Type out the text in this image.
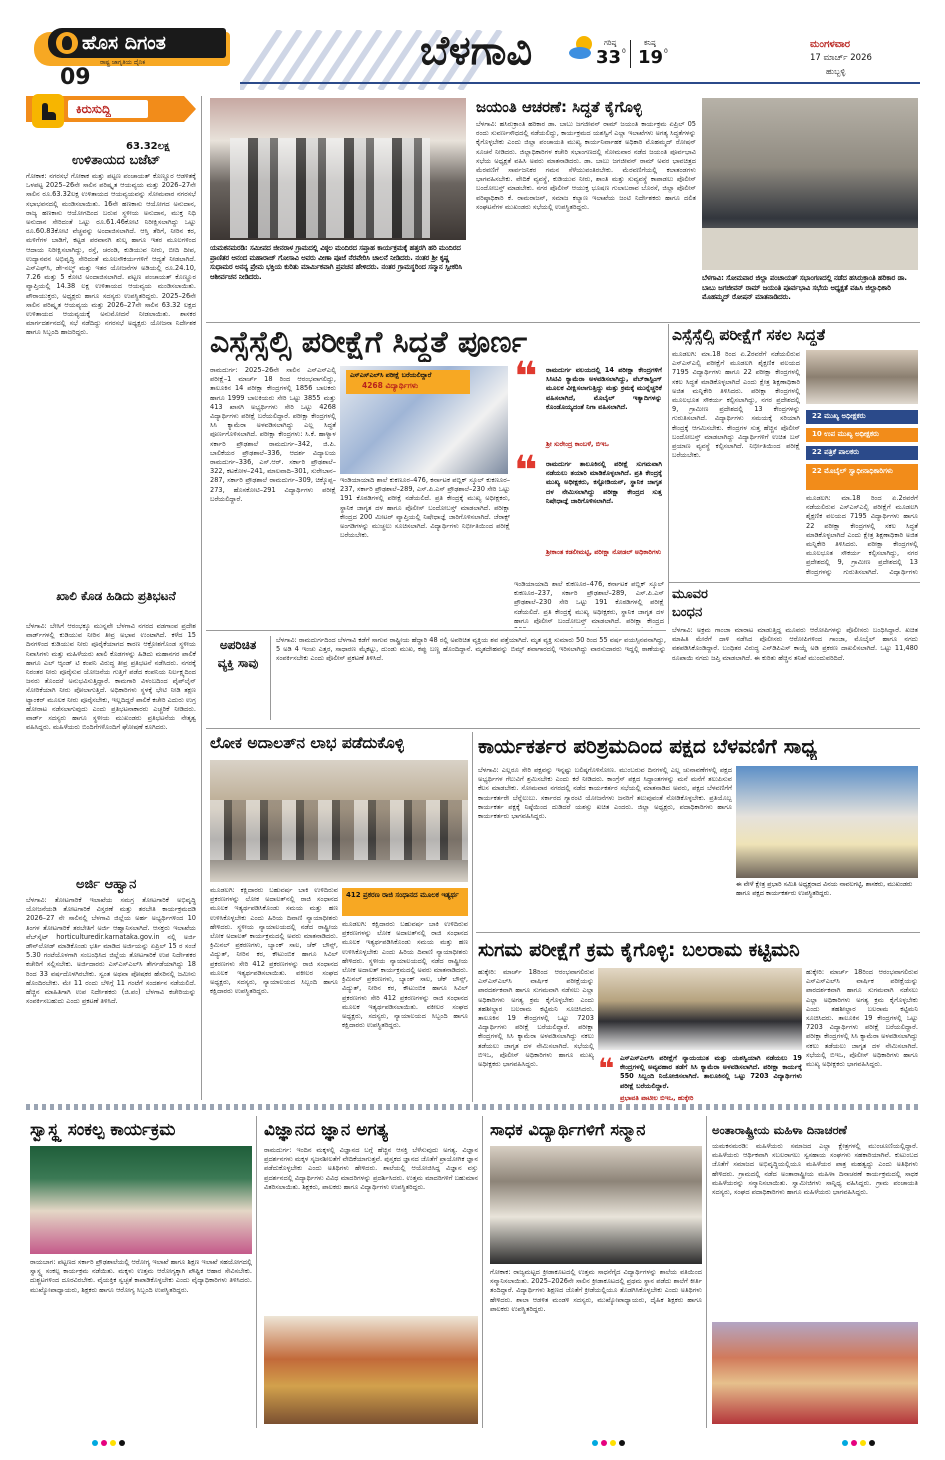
ಹೊಸ ದಿಗಂತ
ರಾಷ್ಟ್ರ ಜಾಗೃತಿಯ ದೈನಿಕ
09
ಬೆಳಗಾವಿ	ಗರಿಷ್ಠ
33 0
ಕನಿಷ್ಠ
19 0
ಮಂಗಳವಾರ
17 ಮಾರ್ಚ್ 2026
ಹುಬ್ಬಳ್ಳಿ
ಕಿರುಸುದ್ದಿ
63.32ಲಕ್ಷ
ಉಳಿತಾಯದ ಬಜೆಟ್
ಗೋಕಾಕ: ನಗರಸಭೆ ಗೋಕಾಕ ಮತ್ತು ಪಟ್ಟಣ ಪಂಚಾಯತ್ ಕೊಣ್ಣೂರ ಆಡಳಿತಕ್ಕೆ ಒಳಪಟ್ಟ 2025–26ನೇ ಸಾಲಿನ ಪರಿಷ್ಕೃತ ಆಯವ್ಯಯ ಮತ್ತು 2026–27ನೇ ಸಾಲಿನ ರೂ.63.32ಲಕ್ಷ ಉಳಿತಾಯದ ಆಯವ್ಯಯವನ್ನು ಸೋಮವಾರ ನಗರಸಭೆ ಸಭಾಭವನದಲ್ಲಿ ಮಂಡಿಸಲಾಯಿತು. 16ನೇ ಹಣಕಾಸು ಆಯೋಗದ ಅನುದಾನ, ರಾಜ್ಯ ಹಣಕಾಸು ಆಯೋಗದಿಂದ ಬರುವ ಸ್ಥಳೀಯ ಅನುದಾನ, ಮುಕ್ತ ನಿಧಿ ಅನುದಾನ ಸೇರಿದಂತೆ ಒಟ್ಟು ರೂ.61.46ಕೋಟಿ ನಿರೀಕ್ಷಿಸಲಾಗಿದ್ದು ಒಟ್ಟು ರೂ.60.83ಕೋಟಿ ವೆಚ್ಚವನ್ನು ಅಂದಾಜಿಸಲಾಗಿದೆ. ಆಸ್ತಿ ತೆರಿಗೆ, ನೀರಿನ ಕರ, ಮಳಿಗೆಗಳ ಬಾಡಿಗೆ, ಕಟ್ಟಡ ಪರವಾನಗಿ ಶುಲ್ಕ ಹಾಗೂ ಇತರ ಮೂಲಗಳಿಂದ ಆದಾಯ ನಿರೀಕ್ಷಿಸಲಾಗಿದ್ದು, ರಸ್ತೆ, ಚರಂಡಿ, ಕುಡಿಯುವ ನೀರು, ಬೀದಿ ದೀಪ, ಉದ್ಯಾನವನ ಅಭಿವೃದ್ಧಿ ಸೇರಿದಂತೆ ಮೂಲಸೌಕರ್ಯಗಳಿಗೆ ಆದ್ಯತೆ ನೀಡಲಾಗಿದೆ. ಎಸ್‌ಎಫ್‌ಸಿ, ಡೇ-ನಲ್ಮ್ ಮತ್ತು ಇತರ ಯೋಜನೆಗಳ ಅಡಿಯಲ್ಲಿ ರೂ.24.10, 7.26 ಮತ್ತು 5 ಕೋಟಿ ಅಂದಾಜಿಸಲಾಗಿದೆ. ಪಟ್ಟಣ ಪಂಚಾಯತ್ ಕೊಣ್ಣೂರ ವ್ಯಾಪ್ತಿಯಲ್ಲಿ 14.38 ಲಕ್ಷ ಉಳಿತಾಯದ ಆಯವ್ಯಯ ಮಂಡಿಸಲಾಯಿತು. ಪೌರಾಯುಕ್ತರು, ಅಧ್ಯಕ್ಷರು ಹಾಗೂ ಸದಸ್ಯರು ಉಪಸ್ಥಿತರಿದ್ದರು. 2025–26ನೇ ಸಾಲಿನ ಪರಿಷ್ಕೃತ ಆಯವ್ಯಯ ಮತ್ತು 2026–27ನೇ ಸಾಲಿನ 63.32 ಲಕ್ಷದ ಉಳಿತಾಯದ ಆಯವ್ಯಯಕ್ಕೆ ಅನುಮೋದನೆ ನೀಡಲಾಯಿತು. ಶಾಸಕರ ಮಾರ್ಗದರ್ಶನದಲ್ಲಿ ಸಭೆ ನಡೆದಿದ್ದು ನಗರಸಭೆ ಅಧ್ಯಕ್ಷರು ಯೋಜನಾ ನಿರ್ದೇಶಕ ಹಾಗೂ ಸಿಬ್ಬಂದಿ ಹಾಜರಿದ್ದರು.
ಖಾಲಿ ಕೊಡ ಹಿಡಿದು ಪ್ರತಿಭಟನೆ
ಬೆಳಗಾವಿ: ಬೇಸಿಗೆ ಆರಂಭಕ್ಕೂ ಮುನ್ನವೇ ಬೆಳಗಾವಿ ನಗರದ ವಡಗಾಂವ ಪ್ರದೇಶ ವಾರ್ಡ್‌ಗಳಲ್ಲಿ ಕುಡಿಯುವ ನೀರಿನ ತೀವ್ರ ಅಭಾವ ಉಂಟಾಗಿದೆ. ಕಳೆದ 15 ದಿನಗಳಿಂದ ಕುಡಿಯುವ ನೀರು ಪೂರೈಕೆಯಾಗದ ಕಾರಣ ಆಕ್ರೋಶಗೊಂಡ ಸ್ಥಳೀಯ ನಿವಾಸಿಗಳು ಮತ್ತು ಮಹಿಳೆಯರು ಖಾಲಿ ಕೊಡಗಳನ್ನು ಹಿಡಿದು ಮಹಾನಗರ ಪಾಲಿಕೆ ಹಾಗೂ ಎಲ್ ಆ್ಯಂಡ್ ಟಿ ಕಂಪನಿ ವಿರುದ್ಧ ತೀವ್ರ ಪ್ರತಿಭಟನೆ ನಡೆಸಿದರು. ನಗರಕ್ಕೆ ನಿರಂತರ ನೀರು ಪೂರೈಸುವ ಯೋಜನೆಯ ಗುತ್ತಿಗೆ ಪಡೆದ ಕಂಪನಿಯ ನಿರ್ಲಕ್ಷ್ಯದಿಂದ ಜನರು ತೊಂದರೆ ಅನುಭವಿಸುತ್ತಿದ್ದಾರೆ. ಕಾಮಗಾರಿ ವಿಳಂಬದಿಂದ ಪೈಪ್‌ಲೈನ್ ಸೋರಿಕೆಯಾಗಿ ನೀರು ಪೋಲಾಗುತ್ತಿದೆ. ಅಧಿಕಾರಿಗಳು ಸ್ಥಳಕ್ಕೆ ಭೇಟಿ ನೀಡಿ ತಕ್ಷಣ ಟ್ಯಾಂಕರ್ ಮೂಲಕ ನೀರು ಪೂರೈಸಬೇಕು, ಇಲ್ಲದಿದ್ದರೆ ಪಾಲಿಕೆ ಕಚೇರಿ ಎದುರು ಉಗ್ರ ಹೋರಾಟ ನಡೆಸಲಾಗುವುದು ಎಂದು ಪ್ರತಿಭಟನಾಕಾರರು ಎಚ್ಚರಿಕೆ ನೀಡಿದರು. ವಾರ್ಡ್ ಸದಸ್ಯರು ಹಾಗೂ ಸ್ಥಳೀಯ ಮುಖಂಡರು ಪ್ರತಿಭಟನೆಯ ನೇತೃತ್ವ ವಹಿಸಿದ್ದರು. ಮಹಿಳೆಯರು ಬಿಂದಿಗೆಗಳೊಂದಿಗೆ ಘೋಷಣೆ ಕೂಗಿದರು.
ಅರ್ಜಿ ಆಹ್ವಾನ
ಬೆಳಗಾವಿ: ತೋಟಗಾರಿಕೆ ಇಲಾಖೆಯ ಸಮಗ್ರ ತೋಟಗಾರಿಕೆ ಅಭಿವೃದ್ಧಿ ಯೋಜನೆಯಡಿ ತೋಟಗಾರಿಕೆ ವಿಸ್ತರಣೆ ಮತ್ತು ತರಬೇತಿ ಕಾರ್ಯಕ್ರಮದಡಿ 2026–27 ನೇ ಸಾಲಿನಲ್ಲಿ ಬೆಳಗಾವಿ ಜಿಲ್ಲೆಯ ಅರ್ಹ ಅಭ್ಯರ್ಥಿಗಳಿಂದ 10 ತಿಂಗಳ ತೋಟಗಾರಿಕೆ ತರಬೇತಿಗೆ ಅರ್ಜಿ ಆಹ್ವಾನಿಸಲಾಗಿದೆ. ಆಸಕ್ತರು ಇಲಾಖೆಯ ವೆಬ್‌ಸೈಟ್ horticulturedir.karnataka.gov.in ನಲ್ಲಿ ಅರ್ಜಿ ಡೌನ್‌ಲೋಡ್ ಮಾಡಿಕೊಂಡು ಭರ್ತಿ ಮಾಡಿದ ಅರ್ಜಿಯನ್ನು ಏಪ್ರಿಲ್ 15 ರ ಸಂಜೆ 5.30 ಗಂಟೆಯೊಳಗಾಗಿ ಸಂಬಂಧಿಸಿದ ಜಿಲ್ಲೆಯ ತೋಟಗಾರಿಕೆ ಉಪ ನಿರ್ದೇಶಕರ ಕಚೇರಿಗೆ ಸಲ್ಲಿಸಬೇಕು. ಅರ್ಜಿದಾರರು ಎಸ್ಎಸ್ಎಲ್‌ಸಿ ತೇರ್ಗಡೆಯಾಗಿದ್ದು 18 ರಿಂದ 33 ವರ್ಷದೊಳಗಿರಬೇಕು. ಸ್ವಂತ ಅಥವಾ ಪೋಷಕರ ಹೆಸರಿನಲ್ಲಿ ಜಮೀನು ಹೊಂದಿರಬೇಕು. ಮೇ 11 ರಂದು ಬೆಳಿಗ್ಗೆ 11 ಗಂಟೆಗೆ ಸಂದರ್ಶನ ನಡೆಯಲಿದೆ. ಹೆಚ್ಚಿನ ಮಾಹಿತಿಗಾಗಿ ಉಪ ನಿರ್ದೇಶಕರು (ಜಿ.ಪಂ) ಬೆಳಗಾವಿ ಕಚೇರಿಯನ್ನು ಸಂಪರ್ಕಿಸಬಹುದು ಎಂದು ಪ್ರಕಟಣೆ ತಿಳಿಸಿದೆ.
ಯಮಕನಮರಡಿ: ಸಮೀಪದ ಜೀನರಾಳ ಗ್ರಾಮದಲ್ಲಿ ವಿಠ್ಠಲ ಮಂದಿರದ ಸಪ್ತಾಹ ಕಾರ್ಯಕ್ರಮಕ್ಕೆ ಹತ್ತರಗಿ ಹರಿ ಮಂದಿರದ ಪ್ರಾಣಿತರ ಆನಂದ ಮಹಾರಾಜ್ ಗೋಸಾವಿ ಅವರು ವೀಣಾ ಪೂಜೆ ನೆರವೇರಿಸಿ ಚಾಲನೆ ನೀಡಿದರು. ನಂತರ ಶ್ರೀ ಕೃಷ್ಣ ಸುಧಾಮರ ಅನನ್ಯ ಪ್ರೇಮ ಭಕ್ತಿಯ ಕುರಿತು ಮಾರ್ಮಿಕವಾಗಿ ಪ್ರವಚನ ಹೇಳಿದರು. ನಂತರ ಗ್ರಾಮಸ್ಥರಿಂದ ಸನ್ಮಾನ ಸ್ವೀಕರಿಸಿ ಆಶೀರ್ವಚನ ನೀಡಿದರು.
ಜಯಂತಿ ಆಚರಣೆ: ಸಿದ್ಧತೆ ಕೈಗೊಳ್ಳಿ
ಬೆಳಗಾವಿ: ಹಸಿರುಕ್ರಾಂತಿ ಹರಿಕಾರ ಡಾ. ಬಾಬು ಜಗಜೀವನ್ ರಾಮ್ ಜಯಂತಿ ಕಾರ್ಯಕ್ರಮ ಏಪ್ರಿಲ್ 05 ರಂದು ಸುವರ್ಣಸೌಧದಲ್ಲಿ ನಡೆಯಲಿದ್ದು, ಕಾರ್ಯಕ್ರಮದ ಯಶಸ್ವಿಗೆ ಎಲ್ಲಾ ಇಲಾಖೆಗಳು ಅಗತ್ಯ ಸಿದ್ಧತೆಗಳನ್ನು ಕೈಗೊಳ್ಳಬೇಕು ಎಂದು ಜಿಲ್ಲಾ ಪಂಚಾಯತಿ ಮುಖ್ಯ ಕಾರ್ಯನಿರ್ವಾಹಕ ಅಧಿಕಾರಿ ಮೊಹಮ್ಮದ್ ರೋಷನ್ ಸೂಚನೆ ನೀಡಿದರು. ಜಿಲ್ಲಾಧಿಕಾರಿಗಳ ಕಚೇರಿ ಸಭಾಂಗಣದಲ್ಲಿ ಸೋಮವಾರ ನಡೆದ ಜಯಂತಿ ಪೂರ್ವಭಾವಿ ಸಭೆಯ ಅಧ್ಯಕ್ಷತೆ ವಹಿಸಿ ಅವರು ಮಾತನಾಡಿದರು. ಡಾ. ಬಾಬು ಜಗಜೀವನ್ ರಾಮ್ ಅವರ ಭಾವಚಿತ್ರದ ಮೆರವಣಿಗೆ ಸಾರ್ವಜನಿಕರ ಗಮನ ಸೆಳೆಯುವಂತಿರಬೇಕು. ಮೆರವಣಿಗೆಯಲ್ಲಿ ಕಲಾತಂಡಗಳು ಭಾಗವಹಿಸಬೇಕು. ವೇದಿಕೆ ವ್ಯವಸ್ಥೆ, ಕುಡಿಯುವ ನೀರು, ಶಾಂತಿ ಮತ್ತು ಸುವ್ಯವಸ್ಥೆ ಕಾಪಾಡಲು ಪೊಲೀಸ್ ಬಂದೋಬಸ್ತ್ ಮಾಡಬೇಕು. ನಗರ ಪೊಲೀಸ್ ಆಯುಕ್ತ ಭೂಷಣ ಗುಲಾಬರಾವ ಬೊರಸೆ, ಜಿಲ್ಲಾ ಪೊಲೀಸ್ ವರಿಷ್ಠಾಧಿಕಾರಿ ಕೆ. ರಾಮರಾಜನ್, ಸಮಾಜ ಕಲ್ಯಾಣ ಇಲಾಖೆಯ ಜಂಟಿ ನಿರ್ದೇಶಕರು ಹಾಗೂ ದಲಿತ ಸಂಘಟನೆಗಳ ಮುಖಂಡರು ಸಭೆಯಲ್ಲಿ ಉಪಸ್ಥಿತರಿದ್ದರು.
ಬೆಳಗಾವಿ: ಸೋಮವಾರ ಜಿಲ್ಲಾ ಪಂಚಾಯತ್ ಸಭಾಂಗಣದಲ್ಲಿ ನಡೆದ ಹಸಿರುಕ್ರಾಂತಿ ಹರಿಕಾರ ಡಾ. ಬಾಬು ಜಗಜೀವನ್ ರಾಮ್ ಜಯಂತಿ ಪೂರ್ವಭಾವಿ ಸಭೆಯ ಅಧ್ಯಕ್ಷತೆ ವಹಿಸಿ ಜಿಲ್ಲಾಧಿಕಾರಿ ಮೊಹಮ್ಮದ್ ರೋಷನ್ ಮಾತನಾಡಿದರು.
ಎಸ್ಸೆಸ್ಸೆಲ್ಸಿ ಪರೀಕ್ಷೆಗೆ ಸಿದ್ಧತೆ ಪೂರ್ಣ
ರಾಮದುರ್ಗ: 2025–26ನೇ ಸಾಲಿನ ಎಸ್ಎಸ್ಎಲ್ಸಿ ಪರೀಕ್ಷೆ–1 ಮಾರ್ಚ್ 18 ರಿಂದ ಆರಂಭವಾಗಲಿದ್ದು, ತಾಲೂಕಿನ 14 ಪರೀಕ್ಷಾ ಕೇಂದ್ರಗಳಲ್ಲಿ 1856 ಬಾಲಕರು ಹಾಗೂ 1999 ಬಾಲಕಿಯರು ಸೇರಿ ಒಟ್ಟು 3855 ಮತ್ತು 413 ಖಾಸಗಿ ಅಭ್ಯರ್ಥಿಗಳು ಸೇರಿ ಒಟ್ಟು 4268 ವಿದ್ಯಾರ್ಥಿಗಳು ಪರೀಕ್ಷೆ ಬರೆಯಲಿದ್ದಾರೆ. ಪರೀಕ್ಷಾ ಕೇಂದ್ರಗಳಲ್ಲಿ ಸಿಸಿ ಕ್ಯಾಮೆರಾ ಅಳವಡಿಸಲಾಗಿದ್ದು ಎಲ್ಲ ಸಿದ್ಧತೆ ಪೂರ್ಣಗೊಳಿಸಲಾಗಿದೆ. ಪರೀಕ್ಷಾ ಕೇಂದ್ರಗಳು: ಸಿ.ಕೆ. ಹಾಳ್ಯಾಳ ಸರ್ಕಾರಿ ಪ್ರೌಢಶಾಲೆ ರಾಮದುರ್ಗ–342, ಜಿ.ಪಿ. ಬಾಲಿಕೆಯರ ಪ್ರೌಢಶಾಲೆ–336, ಆದರ್ಶ ವಿದ್ಯಾಲಯ ರಾಮದುರ್ಗ–336, ಎಸ್.ಆರ್. ಸರ್ಕಾರಿ ಪ್ರೌಢಶಾಲೆ–322, ಕಟಕೋಳ–241, ಮಾಲವಾದಿ–301, ಸುರೇಬಾನ–287, ಸರ್ಕಾರಿ ಪ್ರೌಢಶಾಲೆ ರಾಮದುರ್ಗ–309, ಚಿಕ್ಕೊಪ್ಪ–273, ಹೊಸಕೋಟಿ–291 ವಿದ್ಯಾರ್ಥಿಗಳು ಪರೀಕ್ಷೆ ಬರೆಯಲಿದ್ದಾರೆ.
ಎಸ್ಎಸ್ಎಲ್‌ಸಿ ಪರೀಕ್ಷೆ ಬರೆಯಲಿದ್ದಾರೆ
4268 ವಿದ್ಯಾರ್ಥಿಗಳು
ಇಂಡಿಯಾಯಾದಿ ಶಾಲೆ ಕುಕಣೂರ–476, ಕರ್ನಾಟಕ ಪಬ್ಲಿಕ್ ಸ್ಕೂಲ್ ಕುಕಣೂರ–237, ಸರ್ಕಾರಿ ಪ್ರೌಢಶಾಲೆ–289, ಎಸ್.ಪಿ.ಎಸ್ ಪ್ರೌಢಶಾಲೆ–230 ಸೇರಿ ಒಟ್ಟು 191 ಕೊಠಡಿಗಳಲ್ಲಿ ಪರೀಕ್ಷೆ ನಡೆಯಲಿದೆ. ಪ್ರತಿ ಕೇಂದ್ರಕ್ಕೆ ಮುಖ್ಯ ಅಧೀಕ್ಷಕರು, ಸ್ಥಾನಿಕ ಜಾಗೃತ ದಳ ಹಾಗೂ ಪೊಲೀಸ್ ಬಂದೋಬಸ್ತ್ ಮಾಡಲಾಗಿದೆ. ಪರೀಕ್ಷಾ ಕೇಂದ್ರದ 200 ಮೀಟರ್ ವ್ಯಾಪ್ತಿಯಲ್ಲಿ ನಿಷೇಧಾಜ್ಞೆ ಜಾರಿಗೊಳಿಸಲಾಗಿದೆ. ಜೆರಾಕ್ಸ್ ಅಂಗಡಿಗಳನ್ನು ಮುಚ್ಚಲು ಸೂಚಿಸಲಾಗಿದೆ. ವಿದ್ಯಾರ್ಥಿಗಳು ನಿರ್ಭೀತಿಯಿಂದ ಪರೀಕ್ಷೆ ಬರೆಯಬೇಕು.
❝ ರಾಮದುರ್ಗ ವಲಯದಲ್ಲಿ 14 ಪರೀಕ್ಷಾ ಕೇಂದ್ರಗಳಿಗೆ ಸಿಸಿಟಿವಿ ಕ್ಯಾಮೆರಾ ಅಳವಡಿಸಲಾಗಿದ್ದು, ವೆಬ್‌ಕಾಸ್ಟಿಂಗ್ ಮೂಲಕ ವೀಕ್ಷಿಸಲಾಗುತ್ತಿದ್ದು ಮತ್ತು ಕ್ರಮಕ್ಕೆ ಮುನ್ನೆಚ್ಚರಿಕೆ ವಹಿಸಲಾಗಿದೆ, ಮೊಬೈಲ್ ಇತ್ಯಾದಿಗಳನ್ನು ಕೊಂಡೊಯ್ಯದಂತೆ ನಿಗಾ ವಹಿಸಲಾಗಿದೆ.
ಶ್ರೀ ಸುರೇಂದ್ರ ಕಾಂಬಳೆ, ಬಿಇಒ
❝ ರಾಮದುರ್ಗ ತಾಲೂಕಿನಲ್ಲಿ ಪರೀಕ್ಷೆ ಸುಗಮವಾಗಿ ನಡೆಯಲು ತಯಾರಿ ಮಾಡಿಕೊಳ್ಳಲಾಗಿದೆ. ಪ್ರತಿ ಕೇಂದ್ರಕ್ಕೆ ಮುಖ್ಯ ಅಧೀಕ್ಷಕರು, ಕಸ್ಟೋಡಿಯನ್, ಸ್ಥಾನಿಕ ಜಾಗೃತ ದಳ ನೇಮಿಸಲಾಗಿದ್ದು ಪರೀಕ್ಷಾ ಕೇಂದ್ರದ ಸುತ್ತ ನಿಷೇಧಾಜ್ಞೆ ಜಾರಿಗೊಳಿಸಲಾಗಿದೆ.
ಶ್ರೀಕಾಂತ ಕಡಲೀಮಟ್ಟಿ, ಪರೀಕ್ಷಾ ನೋಡಲ್ ಅಧಿಕಾರಿಗಳು
ಇಂಡಿಯಾಯಾದಿ ಶಾಲೆ ಕುಕಣೂರ–476, ಕರ್ನಾಟಕ ಪಬ್ಲಿಕ್ ಸ್ಕೂಲ್ ಕುಕಣೂರ–237, ಸರ್ಕಾರಿ ಪ್ರೌಢಶಾಲೆ–289, ಎಸ್.ಪಿ.ಎಸ್ ಪ್ರೌಢಶಾಲೆ–230 ಸೇರಿ ಒಟ್ಟು 191 ಕೊಠಡಿಗಳಲ್ಲಿ ಪರೀಕ್ಷೆ ನಡೆಯಲಿದೆ. ಪ್ರತಿ ಕೇಂದ್ರಕ್ಕೆ ಮುಖ್ಯ ಅಧೀಕ್ಷಕರು, ಸ್ಥಾನಿಕ ಜಾಗೃತ ದಳ ಹಾಗೂ ಪೊಲೀಸ್ ಬಂದೋಬಸ್ತ್ ಮಾಡಲಾಗಿದೆ. ಪರೀಕ್ಷಾ ಕೇಂದ್ರದ
ಎಸ್ಸೆಸ್ಸೆಲ್ಸಿ ಪರೀಕ್ಷೆಗೆ ಸಕಲ ಸಿದ್ಧತೆ
ಮೂಡಲಗಿ: ಮಾ.18 ರಿಂದ ಏ.2ರವರೆಗೆ ನಡೆಯಲಿರುವ ಎಸ್ಎಸ್ಎಲ್ಸಿ ಪರೀಕ್ಷೆಗೆ ಮೂಡಲಗಿ ಶೈಕ್ಷಣಿಕ ವಲಯದ 7195 ವಿದ್ಯಾರ್ಥಿಗಳು ಹಾಗೂ 22 ಪರೀಕ್ಷಾ ಕೇಂದ್ರಗಳಲ್ಲಿ ಸಕಲ ಸಿದ್ಧತೆ ಮಾಡಿಕೊಳ್ಳಲಾಗಿದೆ ಎಂದು ಕ್ಷೇತ್ರ ಶಿಕ್ಷಣಾಧಿಕಾರಿ ಅಜಿತ ಮನ್ನಿಕೇರಿ ತಿಳಿಸಿದರು. ಪರೀಕ್ಷಾ ಕೇಂದ್ರಗಳಲ್ಲಿ ಮೂಲಭೂತ ಸೌಕರ್ಯ ಕಲ್ಪಿಸಲಾಗಿದ್ದು, ನಗರ ಪ್ರದೇಶದಲ್ಲಿ 9, ಗ್ರಾಮೀಣ ಪ್ರದೇಶದಲ್ಲಿ 13 ಕೇಂದ್ರಗಳನ್ನು ಗುರುತಿಸಲಾಗಿದೆ. ವಿದ್ಯಾರ್ಥಿಗಳು ಸಮಯಕ್ಕೆ ಸರಿಯಾಗಿ ಕೇಂದ್ರಕ್ಕೆ ಆಗಮಿಸಬೇಕು. ಕೇಂದ್ರಗಳ ಸುತ್ತ ಹೆಚ್ಚಿನ ಪೊಲೀಸ್ ಬಂದೋಬಸ್ತ್ ಮಾಡಲಾಗಿದ್ದು ವಿದ್ಯಾರ್ಥಿಗಳಿಗೆ ಉಚಿತ ಬಸ್ ಪ್ರಯಾಣ ವ್ಯವಸ್ಥೆ ಕಲ್ಪಿಸಲಾಗಿದೆ. ನಿರ್ಭೀತಿಯಿಂದ ಪರೀಕ್ಷೆ ಬರೆಯಬೇಕು.
22 ಮುಖ್ಯ ಅಧೀಕ್ಷಕರು
10 ಉಪ ಮುಖ್ಯ ಅಧೀಕ್ಷಕರು
22 ಪತ್ರಿಕೆ ಪಾಲಕರು
22 ಮೊಬೈಲ್ ಸ್ವಾಧೀನಾಧಿಕಾರಿಗಳು
ಮೂಡಲಗಿ: ಮಾ.18 ರಿಂದ ಏ.2ರವರೆಗೆ ನಡೆಯಲಿರುವ ಎಸ್ಎಸ್ಎಲ್ಸಿ ಪರೀಕ್ಷೆಗೆ ಮೂಡಲಗಿ ಶೈಕ್ಷಣಿಕ ವಲಯದ 7195 ವಿದ್ಯಾರ್ಥಿಗಳು ಹಾಗೂ 22 ಪರೀಕ್ಷಾ ಕೇಂದ್ರಗಳಲ್ಲಿ ಸಕಲ ಸಿದ್ಧತೆ ಮಾಡಿಕೊಳ್ಳಲಾಗಿದೆ ಎಂದು ಕ್ಷೇತ್ರ ಶಿಕ್ಷಣಾಧಿಕಾರಿ ಅಜಿತ ಮನ್ನಿಕೇರಿ ತಿಳಿಸಿದರು. ಪರೀಕ್ಷಾ ಕೇಂದ್ರಗಳಲ್ಲಿ ಮೂಲಭೂತ ಸೌಕರ್ಯ ಕಲ್ಪಿಸಲಾಗಿದ್ದು, ನಗರ ಪ್ರದೇಶದಲ್ಲಿ 9, ಗ್ರಾಮೀಣ ಪ್ರದೇಶದಲ್ಲಿ 13 ಕೇಂದ್ರಗಳನ್ನು ಗುರುತಿಸಲಾಗಿದೆ. ವಿದ್ಯಾರ್ಥಿಗಳು
ಮೂವರ ಬಂಧನ
ಬೆಳಗಾವಿ: ಅಕ್ರಮ ಗಾಂಜಾ ಮಾರಾಟ ಮಾಡುತ್ತಿದ್ದ ಮೂವರು ಆರೋಪಿಗಳನ್ನು ಪೊಲೀಸರು ಬಂಧಿಸಿದ್ದಾರೆ. ಖಚಿತ ಮಾಹಿತಿ ಮೇರೆಗೆ ದಾಳಿ ನಡೆಸಿದ ಪೊಲೀಸರು ಆರೋಪಿಗಳಿಂದ ಗಾಂಜಾ, ಮೊಬೈಲ್ ಹಾಗೂ ನಗದು ವಶಪಡಿಸಿಕೊಂಡಿದ್ದಾರೆ. ಬಂಧಿತರ ವಿರುದ್ಧ ಎನ್‌ಡಿಪಿಎಸ್ ಕಾಯ್ದೆ ಅಡಿ ಪ್ರಕರಣ ದಾಖಲಿಸಲಾಗಿದೆ. ಒಟ್ಟು 11,480 ರೂಪಾಯಿ ನಗದು ಜಪ್ತಿ ಮಾಡಲಾಗಿದೆ. ಈ ಕುರಿತು ಹೆಚ್ಚಿನ ತನಿಖೆ ಮುಂದುವರಿದಿದೆ.
ಅಪರಿಚಿತ ವ್ಯಕ್ತಿ ಸಾವು
ಬೆಳಗಾವಿ: ರಾಮದುರ್ಗದಿಂದ ಬೆಳಗಾವಿ ಕಡೆಗೆ ಸಾಗುವ ರಾಷ್ಟ್ರೀಯ ಹೆದ್ದಾರಿ 48 ರಲ್ಲಿ ಅಪರಿಚಿತ ವ್ಯಕ್ತಿಯ ಶವ ಪತ್ತೆಯಾಗಿದೆ. ಮೃತ ವ್ಯಕ್ತಿ ಸುಮಾರು 50 ರಿಂದ 55 ವರ್ಷ ವಯಸ್ಸಿನವನಾಗಿದ್ದು, 5 ಅಡಿ 4 ಇಂಚು ಎತ್ತರ, ಸಾಧಾರಣ ಮೈಕಟ್ಟು, ದುಂಡು ಮುಖ, ಕಪ್ಪು ಬಣ್ಣ ಹೊಂದಿದ್ದಾನೆ. ಮೃತದೇಹವನ್ನು ಬಿಮ್ಸ್ ಶವಾಗಾರದಲ್ಲಿ ಇರಿಸಲಾಗಿದ್ದು ವಾರಸುದಾರರು ಇದ್ದಲ್ಲಿ ಠಾಣೆಯನ್ನು ಸಂಪರ್ಕಿಸಬೇಕು ಎಂದು ಪೊಲೀಸ್ ಪ್ರಕಟಣೆ ತಿಳಿಸಿದೆ.
ಲೋಕ ಅದಾಲತ್‌ನ ಲಾಭ ಪಡೆದುಕೊಳ್ಳಿ
ಮೂಡಲಗಿ: ಕಕ್ಷಿದಾರರು ಬಹುವರ್ಷ ಬಾಕಿ ಉಳಿದಿರುವ ಪ್ರಕರಣಗಳನ್ನು ಲೋಕ ಅದಾಲತ್‌ನಲ್ಲಿ ರಾಜಿ ಸಂಧಾನದ ಮೂಲಕ ಇತ್ಯರ್ಥಪಡಿಸಿಕೊಂಡು ಸಮಯ ಮತ್ತು ಹಣ ಉಳಿಸಿಕೊಳ್ಳಬೇಕು ಎಂದು ಹಿರಿಯ ದಿವಾಣಿ ನ್ಯಾಯಾಧೀಶರು ಹೇಳಿದರು. ಸ್ಥಳೀಯ ನ್ಯಾಯಾಲಯದಲ್ಲಿ ನಡೆದ ರಾಷ್ಟ್ರೀಯ ಲೋಕ ಅದಾಲತ್ ಕಾರ್ಯಕ್ರಮದಲ್ಲಿ ಅವರು ಮಾತನಾಡಿದರು. ಕ್ರಿಮಿನಲ್ ಪ್ರಕರಣಗಳು, ಬ್ಯಾಂಕ್ ಸಾಲ, ಚೆಕ್ ಬೌನ್ಸ್, ವಿದ್ಯುತ್, ನೀರಿನ ಕರ, ಕೌಟುಂಬಿಕ ಹಾಗೂ ಸಿವಿಲ್ ಪ್ರಕರಣಗಳು ಸೇರಿ 412 ಪ್ರಕರಣಗಳನ್ನು ರಾಜಿ ಸಂಧಾನದ ಮೂಲಕ ಇತ್ಯರ್ಥಪಡಿಸಲಾಯಿತು. ವಕೀಲರ ಸಂಘದ ಅಧ್ಯಕ್ಷರು, ಸದಸ್ಯರು, ನ್ಯಾಯಾಲಯದ ಸಿಬ್ಬಂದಿ ಹಾಗೂ ಕಕ್ಷಿದಾರರು ಉಪಸ್ಥಿತರಿದ್ದರು.
412 ಪ್ರಕರಣ ರಾಜಿ ಸಂಧಾನದ ಮೂಲಕ ಇತ್ಯರ್ಥ
ಮೂಡಲಗಿ: ಕಕ್ಷಿದಾರರು ಬಹುವರ್ಷ ಬಾಕಿ ಉಳಿದಿರುವ ಪ್ರಕರಣಗಳನ್ನು ಲೋಕ ಅದಾಲತ್‌ನಲ್ಲಿ ರಾಜಿ ಸಂಧಾನದ ಮೂಲಕ ಇತ್ಯರ್ಥಪಡಿಸಿಕೊಂಡು ಸಮಯ ಮತ್ತು ಹಣ ಉಳಿಸಿಕೊಳ್ಳಬೇಕು ಎಂದು ಹಿರಿಯ ದಿವಾಣಿ ನ್ಯಾಯಾಧೀಶರು ಹೇಳಿದರು. ಸ್ಥಳೀಯ ನ್ಯಾಯಾಲಯದಲ್ಲಿ ನಡೆದ ರಾಷ್ಟ್ರೀಯ ಲೋಕ ಅದಾಲತ್ ಕಾರ್ಯಕ್ರಮದಲ್ಲಿ ಅವರು ಮಾತನಾಡಿದರು. ಕ್ರಿಮಿನಲ್ ಪ್ರಕರಣಗಳು, ಬ್ಯಾಂಕ್ ಸಾಲ, ಚೆಕ್ ಬೌನ್ಸ್, ವಿದ್ಯುತ್, ನೀರಿನ ಕರ, ಕೌಟುಂಬಿಕ ಹಾಗೂ ಸಿವಿಲ್ ಪ್ರಕರಣಗಳು ಸೇರಿ 412 ಪ್ರಕರಣಗಳನ್ನು ರಾಜಿ ಸಂಧಾನದ ಮೂಲಕ ಇತ್ಯರ್ಥಪಡಿಸಲಾಯಿತು. ವಕೀಲರ ಸಂಘದ ಅಧ್ಯಕ್ಷರು, ಸದಸ್ಯರು, ನ್ಯಾಯಾಲಯದ ಸಿಬ್ಬಂದಿ ಹಾಗೂ ಕಕ್ಷಿದಾರರು ಉಪಸ್ಥಿತರಿದ್ದರು.
ಕಾರ್ಯಕರ್ತರ ಪರಿಶ್ರಮದಿಂದ ಪಕ್ಷದ ಬೆಳವಣಿಗೆ ಸಾಧ್ಯ
ಬೆಳಗಾವಿ: ಎಲ್ಲರೂ ಸೇರಿ ಪಕ್ಷವನ್ನು ಇನ್ನಷ್ಟು ಬಲಿಷ್ಠಗೊಳಿಸೋಣ. ಮುಂಬರುವ ದಿನಗಳಲ್ಲಿ ಎಲ್ಲ ಚುನಾವಣೆಗಳಲ್ಲಿ ಪಕ್ಷದ ಅಭ್ಯರ್ಥಿಗಳ ಗೆಲುವಿಗೆ ಶ್ರಮಿಸಬೇಕು ಎಂದು ಕರೆ ನೀಡಿದರು. ಕಾಂಗ್ರೆಸ್ ಪಕ್ಷದ ಸಿದ್ಧಾಂತಗಳನ್ನು ಮನೆ ಮನೆಗೆ ತಲುಪಿಸುವ ಕೆಲಸ ಮಾಡಬೇಕು. ಸೋಮವಾರ ನಗರದಲ್ಲಿ ನಡೆದ ಕಾರ್ಯಕರ್ತರ ಸಭೆಯಲ್ಲಿ ಮಾತನಾಡಿದ ಅವರು, ಪಕ್ಷದ ಬೆಳವಣಿಗೆಗೆ ಕಾರ್ಯಕರ್ತರೇ ಬೆನ್ನೆಲುಬು. ಸರ್ಕಾರದ ಗ್ಯಾರಂಟಿ ಯೋಜನೆಗಳು ಜನರಿಗೆ ತಲುಪುವಂತೆ ನೋಡಿಕೊಳ್ಳಬೇಕು. ಪ್ರತಿಯೊಬ್ಬ ಕಾರ್ಯಕರ್ತ ಪಕ್ಷಕ್ಕೆ ನಿಷ್ಠೆಯಿಂದ ದುಡಿದರೆ ಯಶಸ್ಸು ಖಚಿತ ಎಂದರು. ಜಿಲ್ಲಾ ಅಧ್ಯಕ್ಷರು, ಪದಾಧಿಕಾರಿಗಳು ಹಾಗೂ ಕಾರ್ಯಕರ್ತರು ಭಾಗವಹಿಸಿದ್ದರು.
ಈ ವೇಳೆ ಕ್ಷೇತ್ರ ಪ್ರಭಾರಿ ಸಮಿತಿ ಅಧ್ಯಕ್ಷರಾದ ವಿನಯ ನಾವಲಗಟ್ಟಿ, ಶಾಸಕರು, ಮುಖಂಡರು ಹಾಗೂ ಪಕ್ಷದ ಕಾರ್ಯಕರ್ತರು ಉಪಸ್ಥಿತರಿದ್ದರು.
ಸುಗಮ ಪರೀಕ್ಷೆಗೆ ಕ್ರಮ ಕೈಗೊಳ್ಳಿ: ಬಲರಾಮ ಕಟ್ಟಿಮನಿ
ಹುಕ್ಕೇರಿ: ಮಾರ್ಚ್ 18ರಿಂದ ಆರಂಭವಾಗಲಿರುವ ಎಸ್‌ಎಸ್‌ಎಲ್‌ಸಿ ವಾರ್ಷಿಕ ಪರೀಕ್ಷೆಯನ್ನು ಪಾರದರ್ಶಕವಾಗಿ ಹಾಗೂ ಸುಗಮವಾಗಿ ನಡೆಸಲು ಎಲ್ಲಾ ಅಧಿಕಾರಿಗಳು ಅಗತ್ಯ ಕ್ರಮ ಕೈಗೊಳ್ಳಬೇಕು ಎಂದು ತಹಶೀಲ್ದಾರ ಬಲರಾಮ ಕಟ್ಟಿಮನಿ ಸೂಚಿಸಿದರು. ತಾಲೂಕಿನ 19 ಕೇಂದ್ರಗಳಲ್ಲಿ ಒಟ್ಟು 7203 ವಿದ್ಯಾರ್ಥಿಗಳು ಪರೀಕ್ಷೆ ಬರೆಯಲಿದ್ದಾರೆ. ಪರೀಕ್ಷಾ ಕೇಂದ್ರಗಳಲ್ಲಿ ಸಿಸಿ ಕ್ಯಾಮೆರಾ ಅಳವಡಿಸಲಾಗಿದ್ದು ನಕಲು ತಡೆಯಲು ಜಾಗೃತ ದಳ ನೇಮಿಸಲಾಗಿದೆ. ಸಭೆಯಲ್ಲಿ ಬಿಇಒ, ಪೊಲೀಸ್ ಅಧಿಕಾರಿಗಳು ಹಾಗೂ ಮುಖ್ಯ ಅಧೀಕ್ಷಕರು ಭಾಗವಹಿಸಿದ್ದರು.	❝ ಎಸ್‌ಎಸ್‌ಎಲ್‌ಸಿ ಪರೀಕ್ಷೆಗೆ ನ್ಯಾಯಯುತ ಮತ್ತು ಯಶಸ್ವಿಯಾಗಿ ನಡೆಯಲು 19 ಕೇಂದ್ರಗಳಲ್ಲಿ ಅವ್ಯವಹಾರ ತಡೆಗೆ ಸಿಸಿ ಕ್ಯಾಮೆರಾ ಅಳವಡಿಸಲಾಗಿದೆ. ಪರೀಕ್ಷಾ ಕಾರ್ಯಕ್ಕೆ 550 ಸಿಬ್ಬಂದಿ ನಿಯೋಜಿಸಲಾಗಿದೆ. ತಾಲೂಕಿನಲ್ಲಿ ಒಟ್ಟು 7203 ವಿದ್ಯಾರ್ಥಿಗಳು ಪರೀಕ್ಷೆ ಬರೆಯಲಿದ್ದಾರೆ.
ಪ್ರಭಾವತಿ ಪಾಟೀಲ ಬಿಇಒ, ಹುಕ್ಕೇರಿ
ಹುಕ್ಕೇರಿ: ಮಾರ್ಚ್ 18ರಿಂದ ಆರಂಭವಾಗಲಿರುವ ಎಸ್‌ಎಸ್‌ಎಲ್‌ಸಿ ವಾರ್ಷಿಕ ಪರೀಕ್ಷೆಯನ್ನು ಪಾರದರ್ಶಕವಾಗಿ ಹಾಗೂ ಸುಗಮವಾಗಿ ನಡೆಸಲು ಎಲ್ಲಾ ಅಧಿಕಾರಿಗಳು ಅಗತ್ಯ ಕ್ರಮ ಕೈಗೊಳ್ಳಬೇಕು ಎಂದು ತಹಶೀಲ್ದಾರ ಬಲರಾಮ ಕಟ್ಟಿಮನಿ ಸೂಚಿಸಿದರು. ತಾಲೂಕಿನ 19 ಕೇಂದ್ರಗಳಲ್ಲಿ ಒಟ್ಟು 7203 ವಿದ್ಯಾರ್ಥಿಗಳು ಪರೀಕ್ಷೆ ಬರೆಯಲಿದ್ದಾರೆ. ಪರೀಕ್ಷಾ ಕೇಂದ್ರಗಳಲ್ಲಿ ಸಿಸಿ ಕ್ಯಾಮೆರಾ ಅಳವಡಿಸಲಾಗಿದ್ದು ನಕಲು ತಡೆಯಲು ಜಾಗೃತ ದಳ ನೇಮಿಸಲಾಗಿದೆ. ಸಭೆಯಲ್ಲಿ ಬಿಇಒ, ಪೊಲೀಸ್ ಅಧಿಕಾರಿಗಳು ಹಾಗೂ ಮುಖ್ಯ ಅಧೀಕ್ಷಕರು ಭಾಗವಹಿಸಿದ್ದರು.
ಸ್ವಾಸ್ಥ್ಯ ಸಂಕಲ್ಪ ಕಾರ್ಯಕ್ರಮ
ರಾಯಬಾಗ: ಪಟ್ಟಣದ ಸರ್ಕಾರಿ ಪ್ರೌಢಶಾಲೆಯಲ್ಲಿ ಆರೋಗ್ಯ ಇಲಾಖೆ ಹಾಗೂ ಶಿಕ್ಷಣ ಇಲಾಖೆ ಸಹಯೋಗದಲ್ಲಿ ಸ್ವಾಸ್ಥ್ಯ ಸಂಕಲ್ಪ ಕಾರ್ಯಕ್ರಮ ನಡೆಯಿತು. ಮಕ್ಕಳು ಉತ್ತಮ ಆರೋಗ್ಯಕ್ಕಾಗಿ ಪೌಷ್ಟಿಕ ಆಹಾರ ಸೇವಿಸಬೇಕು. ದುಶ್ಚಟಗಳಿಂದ ದೂರವಿರಬೇಕು. ವೈಯಕ್ತಿಕ ಸ್ವಚ್ಛತೆ ಕಾಪಾಡಿಕೊಳ್ಳಬೇಕು ಎಂದು ವೈದ್ಯಾಧಿಕಾರಿಗಳು ತಿಳಿಸಿದರು. ಮುಖ್ಯೋಪಾಧ್ಯಾಯರು, ಶಿಕ್ಷಕರು ಹಾಗೂ ಆರೋಗ್ಯ ಸಿಬ್ಬಂದಿ ಉಪಸ್ಥಿತರಿದ್ದರು.
ವಿಜ್ಞಾನದ ಜ್ಞಾನ ಅಗತ್ಯ
ರಾಮದುರ್ಗ: ಇಂದಿನ ಮಕ್ಕಳಲ್ಲಿ ವಿಜ್ಞಾನದ ಬಗ್ಗೆ ಹೆಚ್ಚಿನ ಆಸಕ್ತಿ ಬೆಳೆಸುವುದು ಅಗತ್ಯ. ವಿಜ್ಞಾನ ಪ್ರದರ್ಶನಗಳು ಮಕ್ಕಳ ಸೃಜನಶೀಲತೆಗೆ ವೇದಿಕೆಯಾಗುತ್ತವೆ. ಪುಸ್ತಕದ ಜ್ಞಾನದ ಜೊತೆಗೆ ಪ್ರಾಯೋಗಿಕ ಜ್ಞಾನ ಪಡೆದುಕೊಳ್ಳಬೇಕು ಎಂದು ಅತಿಥಿಗಳು ಹೇಳಿದರು. ಶಾಲೆಯಲ್ಲಿ ಆಯೋಜಿಸಿದ್ದ ವಿಜ್ಞಾನ ವಸ್ತು ಪ್ರದರ್ಶನದಲ್ಲಿ ವಿದ್ಯಾರ್ಥಿಗಳು ವಿವಿಧ ಮಾದರಿಗಳನ್ನು ಪ್ರದರ್ಶಿಸಿದರು. ಉತ್ತಮ ಮಾದರಿಗಳಿಗೆ ಬಹುಮಾನ ವಿತರಿಸಲಾಯಿತು. ಶಿಕ್ಷಕರು, ಪಾಲಕರು ಹಾಗೂ ವಿದ್ಯಾರ್ಥಿಗಳು ಉಪಸ್ಥಿತರಿದ್ದರು.
ಸಾಧಕ ವಿದ್ಯಾರ್ಥಿಗಳಿಗೆ ಸನ್ಮಾನ
ಗೋಕಾಕ: ರಾಜ್ಯಮಟ್ಟದ ಕ್ರೀಡಾಕೂಟದಲ್ಲಿ ಉತ್ತಮ ಸಾಧನೆಗೈದ ವಿದ್ಯಾರ್ಥಿಗಳನ್ನು ಶಾಲೆಯ ವತಿಯಿಂದ ಸನ್ಮಾನಿಸಲಾಯಿತು. 2025–2026ನೇ ಸಾಲಿನ ಕ್ರೀಡಾಕೂಟದಲ್ಲಿ ಪ್ರಥಮ ಸ್ಥಾನ ಪಡೆದು ಶಾಲೆಗೆ ಕೀರ್ತಿ ತಂದಿದ್ದಾರೆ. ವಿದ್ಯಾರ್ಥಿಗಳು ಶಿಕ್ಷಣದ ಜೊತೆಗೆ ಕ್ರೀಡೆಯಲ್ಲಿಯೂ ತೊಡಗಿಸಿಕೊಳ್ಳಬೇಕು ಎಂದು ಅತಿಥಿಗಳು ಹೇಳಿದರು. ಶಾಲಾ ಆಡಳಿತ ಮಂಡಳಿ ಸದಸ್ಯರು, ಮುಖ್ಯೋಪಾಧ್ಯಾಯರು, ದೈಹಿಕ ಶಿಕ್ಷಕರು ಹಾಗೂ ಪಾಲಕರು ಉಪಸ್ಥಿತರಿದ್ದರು.
ಅಂತಾರಾಷ್ಟ್ರೀಯ ಮಹಿಳಾ ದಿನಾಚರಣೆ
ಯಮಕನಮರಡಿ: ಮಹಿಳೆಯರು ಸಮಾಜದ ಎಲ್ಲಾ ಕ್ಷೇತ್ರಗಳಲ್ಲಿ ಮುಂಚೂಣಿಯಲ್ಲಿದ್ದಾರೆ. ಮಹಿಳೆಯರು ಆರ್ಥಿಕವಾಗಿ ಸಬಲರಾಗಲು ಸ್ವಸಹಾಯ ಸಂಘಗಳು ಸಹಕಾರಿಯಾಗಿವೆ. ಕುಟುಂಬದ ಜೊತೆಗೆ ಸಮಾಜದ ಅಭಿವೃದ್ಧಿಯಲ್ಲಿಯೂ ಮಹಿಳೆಯರ ಪಾತ್ರ ಮಹತ್ವದ್ದು ಎಂದು ಅತಿಥಿಗಳು ಹೇಳಿದರು. ಗ್ರಾಮದಲ್ಲಿ ನಡೆದ ಅಂತಾರಾಷ್ಟ್ರೀಯ ಮಹಿಳಾ ದಿನಾಚರಣೆ ಕಾರ್ಯಕ್ರಮದಲ್ಲಿ ಸಾಧಕ ಮಹಿಳೆಯರನ್ನು ಸನ್ಮಾನಿಸಲಾಯಿತು. ಸ್ವಾಮೀಜಿಗಳು ಸಾನ್ನಿಧ್ಯ ವಹಿಸಿದ್ದರು. ಗ್ರಾಮ ಪಂಚಾಯತಿ ಸದಸ್ಯರು, ಸಂಘದ ಪದಾಧಿಕಾರಿಗಳು ಹಾಗೂ ಮಹಿಳೆಯರು ಭಾಗವಹಿಸಿದ್ದರು.
